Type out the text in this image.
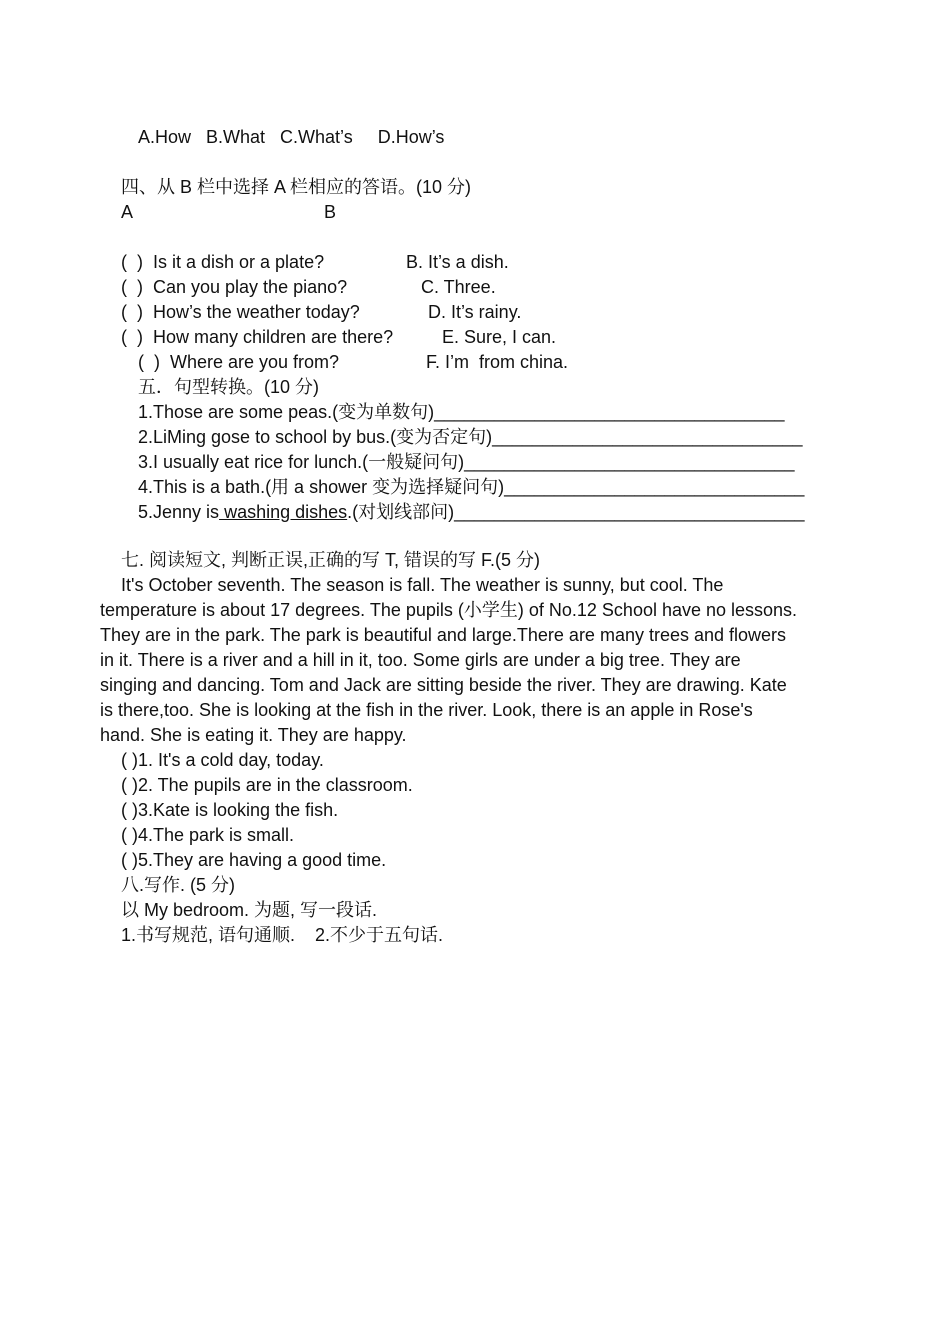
A.How   B.What   C.What’s     D.How’s
四、从 B 栏中选择 A 栏相应的答语。(10 分)
A	B
(  )  Is it a dish or a plate?	B. It’s a dish.
(  )  Can you play the piano?	C. Three.
(  )  How’s the weather today?	D. It’s rainy.
(  )  How many children are there?	E. Sure, I can.
(  )  Where are you from?	F. I’m  from china.
五．句型转换。(10 分)
1.Those are some peas.(变为单数句)___________________________________
2.LiMing gose to school by bus.(变为否定句)_______________________________
3.I usually eat rice for lunch.(一般疑问句)_________________________________
4.This is a bath.(用 a shower 变为选择疑问句)______________________________
5.Jenny is washing dishes.(对划线部问)___________________________________
七. 阅读短文, 判断正误,正确的写 T, 错误的写 F.(5 分)
It's October seventh. The season is fall. The weather is sunny, but cool. The
temperature is about 17 degrees. The pupils (小学生) of No.12 School have no lessons.
They are in the park. The park is beautiful and large.There are many trees and flowers
in it. There is a river and a hill in it, too. Some girls are under a big tree. They are
singing and dancing. Tom and Jack are sitting beside the river. They are drawing. Kate
is there,too. She is looking at the fish in the river. Look, there is an apple in Rose's
hand. She is eating it. They are happy.
( )1. It's a cold day, today.
( )2. The pupils are in the classroom.
( )3.Kate is looking the fish.
( )4.The park is small.
( )5.They are having a good time.
八.写作. (5 分)
以 My bedroom. 为题, 写一段话.
1.书写规范, 语句通顺.    2.不少于五句话.
